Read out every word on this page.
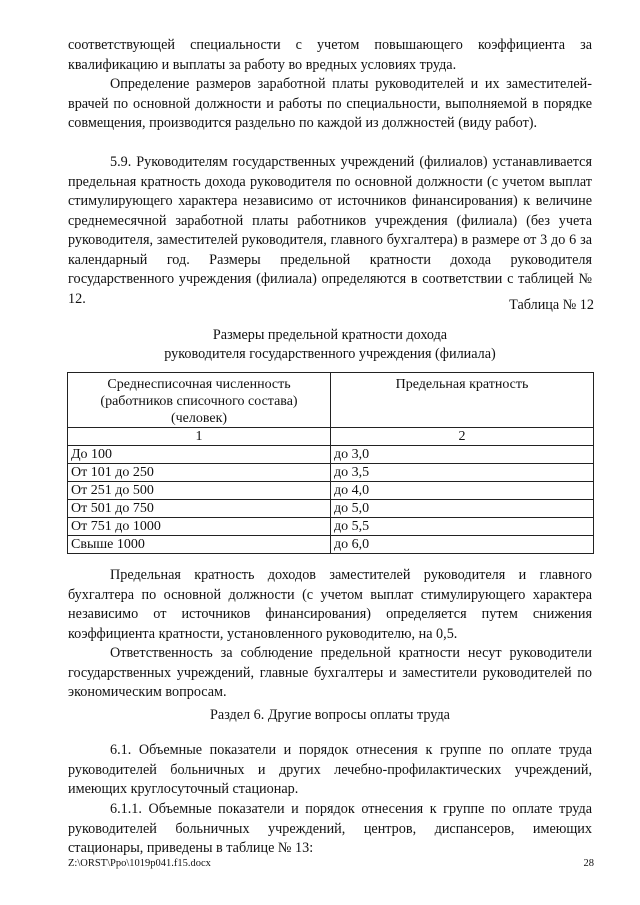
соответствующей специальности с учетом повышающего коэффициента за квалификацию и выплаты за работу во вредных условиях труда.

Определение размеров заработной платы руководителей и их заместителей-врачей по основной должности и работы по специальности, выполняемой в порядке совмещения, производится раздельно по каждой из должностей (виду работ).

5.9. Руководителям государственных учреждений (филиалов) устанавливается предельная кратность дохода руководителя по основной должности (с учетом выплат стимулирующего характера независимо от источников финансирования) к величине среднемесячной заработной платы работников учреждения (филиала) (без учета руководителя, заместителей руководителя, главного бухгалтера) в размере от 3 до 6 за календарный год. Размеры предельной кратности дохода руководителя государственного учреждения (филиала) определяются в соответствии с таблицей № 12.	Таблица № 12
Размеры предельной кратности дохода
руководителя государственного учреждения (филиала)
Среднесписочная численность (работников списочного состава) (человек)	Предельная кратность
1	2
До 100	до 3,0
От 101 до 250	до 3,5
От 251 до 500	до 4,0
От 501 до 750	до 5,0
От 751 до 1000	до 5,5
Свыше 1000	до 6,0

Предельная кратность доходов заместителей руководителя и главного бухгалтера по основной должности (с учетом выплат стимулирующего характера независимо от источников финансирования) определяется путем снижения коэффициента кратности, установленного руководителю, на 0,5.

Ответственность за соблюдение предельной кратности несут руководители государственных учреждений, главные бухгалтеры и заместители руководителей по экономическим вопросам.

Раздел 6. Другие вопросы оплаты труда

6.1. Объемные показатели и порядок отнесения к группе по оплате труда руководителей больничных и других лечебно-профилактических учреждений, имеющих круглосуточный стационар.

6.1.1. Объемные показатели и порядок отнесения к группе по оплате труда руководителей больничных учреждений, центров, диспансеров, имеющих стационары, приведены в таблице № 13:

Z:\ORST\Ppo\1019p041.f15.docx	28
